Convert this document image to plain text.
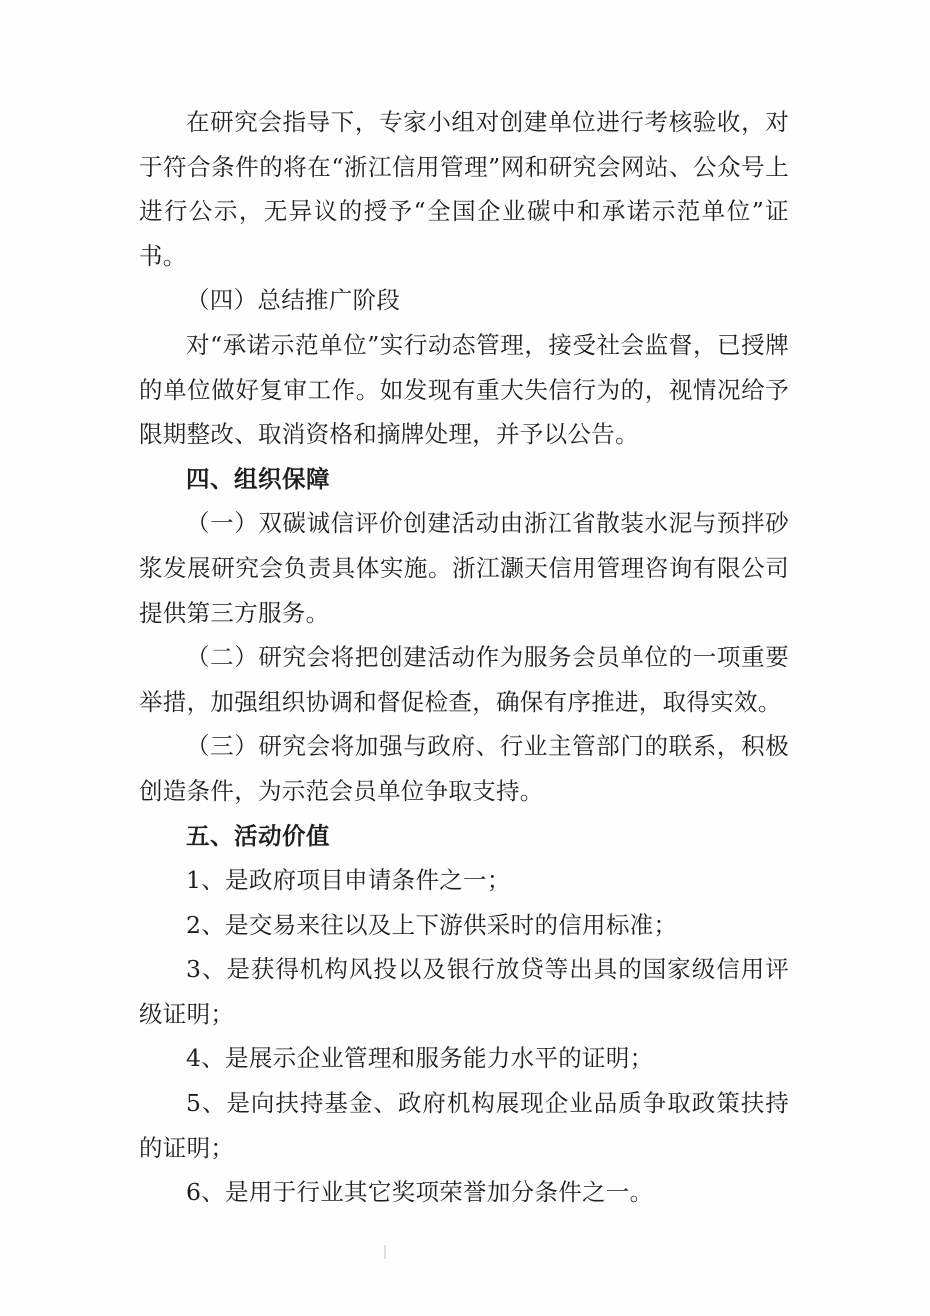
在研究会指导下，专家小组对创建单位进行考核验收，对于符合条件的将在“浙江信用管理”网和研究会网站、公众号上进行公示，无异议的授予“全国企业碳中和承诺示范单位”证书。

（四）总结推广阶段

对“承诺示范单位”实行动态管理，接受社会监督，已授牌的单位做好复审工作。如发现有重大失信行为的，视情况给予限期整改、取消资格和摘牌处理，并予以公告。

四、组织保障

（一）双碳诚信评价创建活动由浙江省散装水泥与预拌砂浆发展研究会负责具体实施。浙江灏天信用管理咨询有限公司提供第三方服务。

（二）研究会将把创建活动作为服务会员单位的一项重要举措，加强组织协调和督促检查，确保有序推进，取得实效。

（三）研究会将加强与政府、行业主管部门的联系，积极创造条件，为示范会员单位争取支持。

五、活动价值

1、是政府项目申请条件之一；

2、是交易来往以及上下游供采时的信用标准；

3、是获得机构风投以及银行放贷等出具的国家级信用评级证明；

4、是展示企业管理和服务能力水平的证明；

5、是向扶持基金、政府机构展现企业品质争取政策扶持的证明；

6、是用于行业其它奖项荣誉加分条件之一。
